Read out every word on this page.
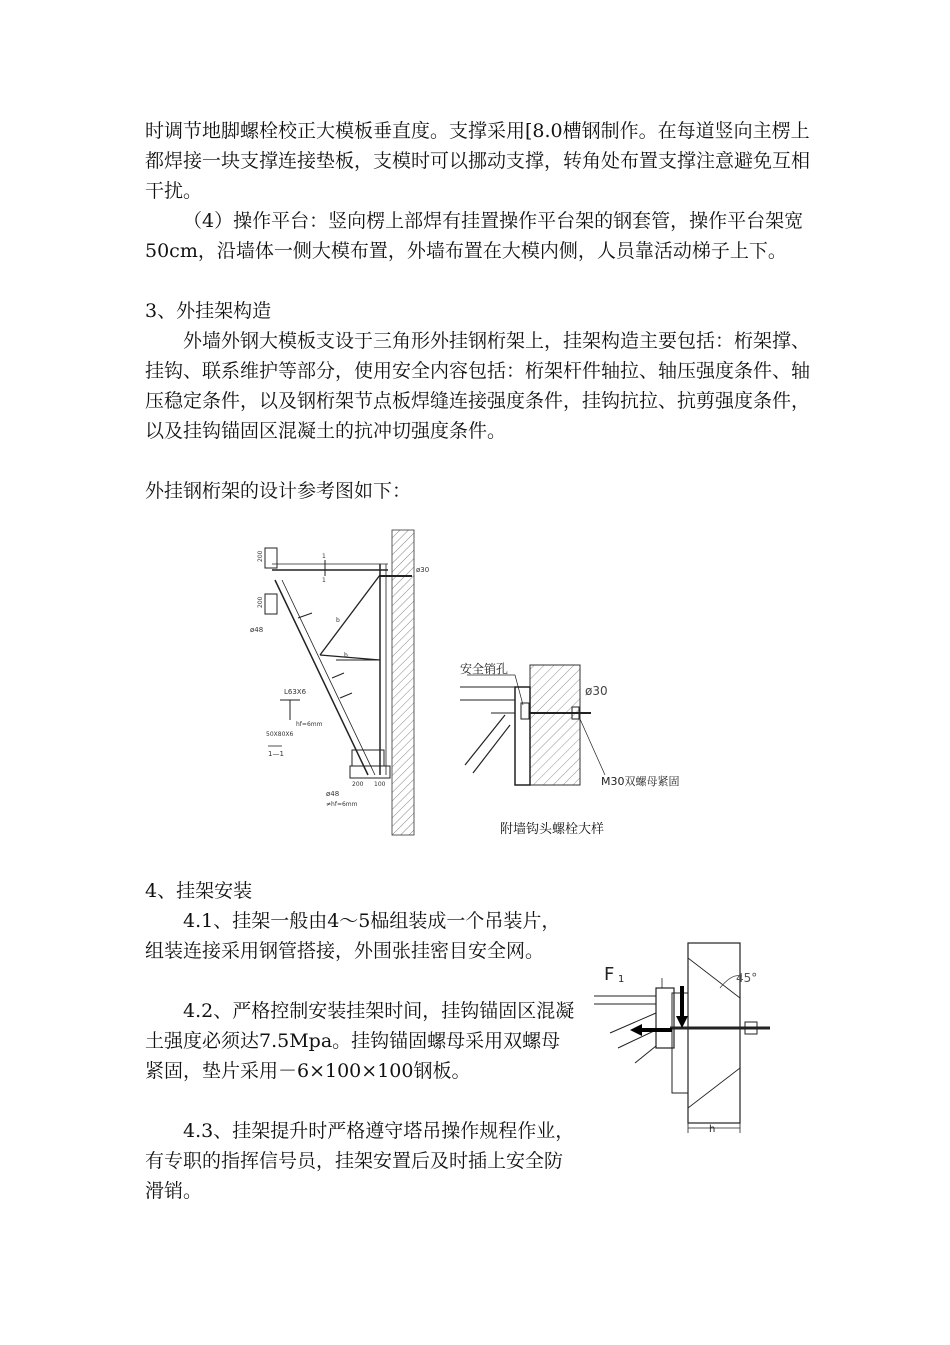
时调节地脚螺栓校正大模板垂直度。支撑采用[8.0槽钢制作。在每道竖向主楞上都焊接一块支撑连接垫板，支模时可以挪动支撑，转角处布置支撑注意避免互相干扰。

（4）操作平台：竖向楞上部焊有挂置操作平台架的钢套管，操作平台架宽50cm，沿墙体一侧大模布置，外墙布置在大模内侧，人员靠活动梯子上下。

3、外挂架构造

外墙外钢大模板支设于三角形外挂钢桁架上，挂架构造主要包括：桁架撑、挂钩、联系维护等部分，使用安全内容包括：桁架杆件轴拉、轴压强度条件、轴压稳定条件，以及钢桁架节点板焊缝连接强度条件，挂钩抗拉、抗剪强度条件，以及挂钩锚固区混凝土的抗冲切强度条件。

外挂钢桁架的设计参考图如下：

ø30
ø48
200
200
L63X6
hf=6mm
50X80X6
1—1
200 100
ø48
≠hf=6mm
1
1
b
b
安全销孔
ø30
M30双螺母紧固
附墙钩头螺栓大样

4、挂架安装

4.1、挂架一般由4～5榀组装成一个吊装片，组装连接采用钢管搭接，外围张挂密目安全网。

4.2、严格控制安装挂架时间，挂钩锚固区混凝土强度必须达7.5Mpa。挂钩锚固螺母采用双螺母紧固，垫片采用－6×100×100钢板。

4.3、挂架提升时严格遵守塔吊操作规程作业，有专职的指挥信号员，挂架安置后及时插上安全防滑销。

F 1	45°
h
